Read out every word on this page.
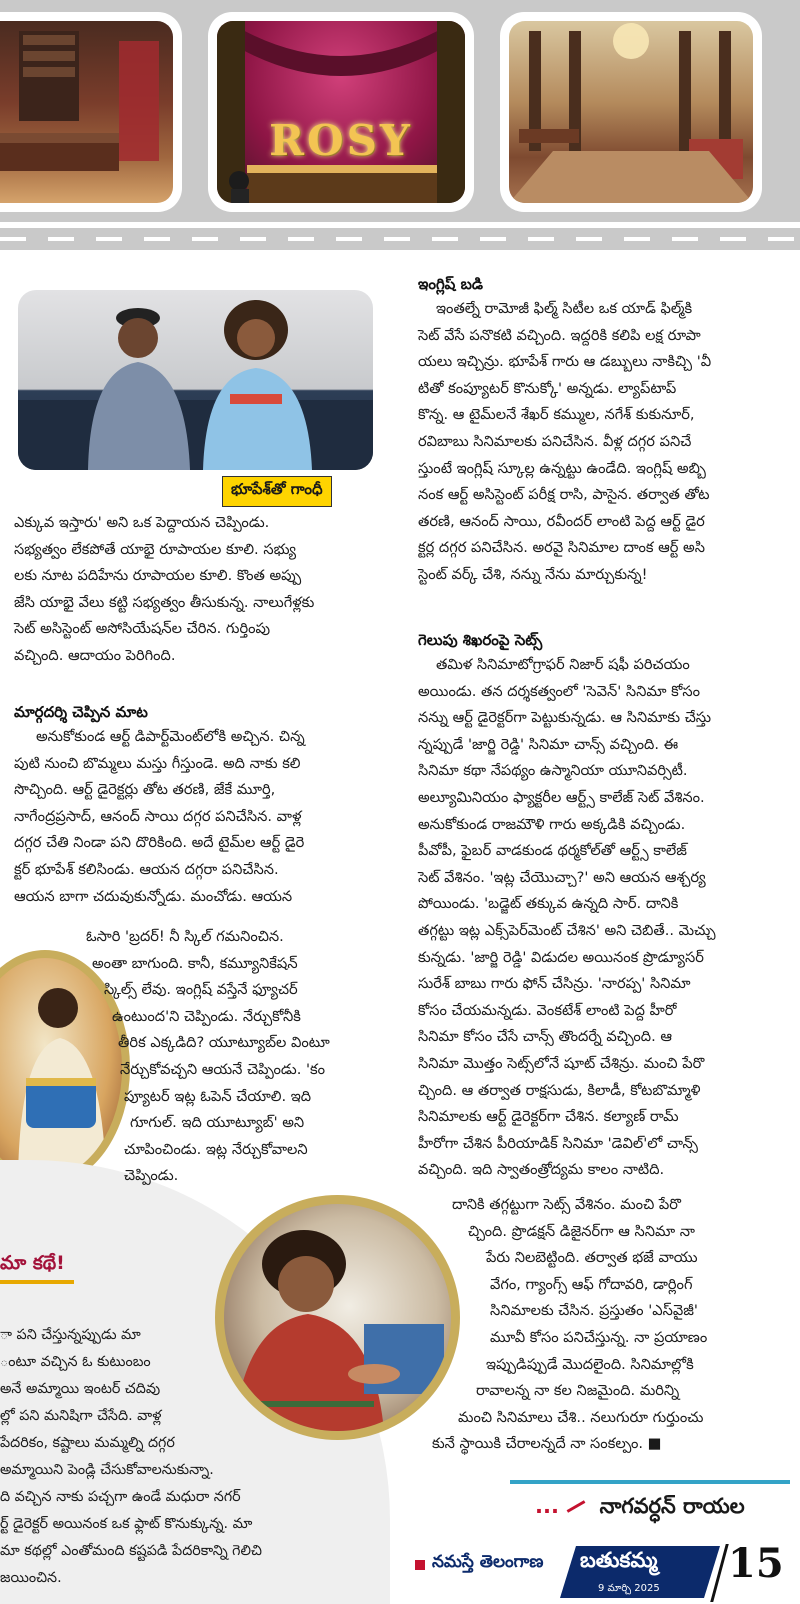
ROSY
భూపేశ్‌తో గాంధీ

ఎక్కువ ఇస్తారు' అని ఒక పెద్దాయన చెప్పిండు.

సభ్యత్వం లేకపోతే యాభై రూపాయల కూలి. సభ్యు

లకు నూట పదిహేను రూపాయల కూలి. కొంత అప్పు

జేసి యాభై వేలు కట్టి సభ్యత్వం తీసుకున్న. నాలుగేళ్లకు

సెట్ అసిస్టెంట్ అసోసియేషన్‌ల చేరిన. గుర్తింపు

వచ్చింది. ఆదాయం పెరిగింది.

మార్గదర్శి చెప్పిన మాట

అనుకోకుండ ఆర్ట్ డిపార్ట్‌మెంట్‌లోకి అచ్చిన. చిన్న

పుటి నుంచి బొమ్మలు మస్తు గీస్తుండె. అది నాకు కలి

సొచ్చింది. ఆర్ట్ డైరెక్టర్లు తోట తరణి, జేకే మూర్తి,

నాగేంద్రప్రసాద్, ఆనంద్ సాయి దగ్గర పనిచేసిన. వాళ్ల

దగ్గర చేతి నిండా పని దొరికింది. అదే టైమ్‌ల ఆర్ట్ డైరె

క్టర్ భూపేశ్ కలిసిండు. ఆయన దగ్గరా పనిచేసిన.

ఆయన బాగా చదువుకున్నోడు. మంచోడు. ఆయన

ఓసారి 'బ్రదర్! నీ స్కిల్ గమనించిన.

అంతా బాగుంది. కానీ, కమ్యూనికేషన్

స్కిల్స్ లేవు. ఇంగ్లిష్ వస్తేనే ఫ్యూచర్

ఉంటుంద'ని చెప్పిండు. నేర్చుకోనీకి

తీరిక ఎక్కడిది? యూట్యూబ్‌ల వింటూ

నేర్చుకోవచ్చని ఆయనే చెప్పిండు. 'కం

ప్యూటర్ ఇట్ల ఓపెన్ చేయాలి. ఇది

గూగుల్. ఇది యూట్యూబ్' అని

చూపించిండు. ఇట్ల నేర్చుకోవాలని

చెప్పిండు.

మా కథే!

ా పని చేస్తున్నప్పుడు మా

ంటూ వచ్చిన ఓ కుటుంబం

అనే అమ్మాయి ఇంటర్ చదివు

ల్లో పని మనిషిగా చేసేది. వాళ్ల

పేదరికం, కష్టాలు మమ్మల్ని దగ్గర

అమ్మాయిని పెండ్లి చేసుకోవాలనుకున్నా.

ది వచ్చిన నాకు పచ్చగా ఉండే మధురా నగర్

ర్ట్ డైరెక్టర్ అయినంక ఒక ఫ్లాట్ కొనుక్కున్న. మా

మా కథల్లో ఎంతోమంది కష్టపడి పేదరికాన్ని గెలిచి

జయించిన.

ఇంగ్లిష్ బడి

ఇంతల్నే రామోజీ ఫిల్మ్ సిటీల ఒక యాడ్ ఫిల్మ్‌కి

సెట్ వేసే పనొకటి వచ్చింది. ఇద్దరికి కలిపి లక్ష రూపా

యలు ఇచ్చిన్రు. భూపేశ్ గారు ఆ డబ్బులు నాకిచ్చి 'వీ

టితో కంప్యూటర్ కొనుక్కో' అన్నడు. ల్యాప్‌టాప్

కొన్న. ఆ టైమ్‌లనే శేఖర్ కమ్ముల, నగేశ్ కుకునూర్,

రవిబాబు సినిమాలకు పనిచేసిన. వీళ్ల దగ్గర పనిచే

స్తుంటే ఇంగ్లిష్ స్కూల్ల ఉన్నట్టు ఉండేది. ఇంగ్లిష్ అబ్బి

నంక ఆర్ట్ అసిస్టెంట్ పరీక్ష రాసి, పాసైన. తర్వాత తోట

తరణి, ఆనంద్ సాయి, రవీందర్ లాంటి పెద్ద ఆర్ట్ డైర

క్టర్ల దగ్గర పనిచేసిన. అరవై సినిమాల దాంక ఆర్ట్ అసి

స్టెంట్ వర్క్ చేశి, నన్ను నేను మార్చుకున్న!

గెలుపు శిఖరంపై సెట్స్

తమిళ సినిమాటోగ్రాఫర్ నిజార్ షఫీ పరిచయం

అయిండు. తన దర్శకత్వంలో 'సెవెన్' సినిమా కోసం

నన్ను ఆర్ట్ డైరెక్టర్‌గా పెట్టుకున్నడు. ఆ సినిమాకు చేస్తు

న్నప్పుడే 'జార్జి రెడ్డి' సినిమా చాన్స్ వచ్చింది. ఈ

సినిమా కథా నేపథ్యం ఉస్మానియా యూనివర్సిటీ.

అల్యూమినియం ఫ్యాక్టరీల ఆర్ట్స్ కాలేజ్ సెట్ వేశినం.

అనుకోకుండ రాజమౌళి గారు అక్కడికి వచ్చిండు.

పీవోపీ, ఫైబర్ వాడకుండ థర్మకోల్‌తో ఆర్ట్స్ కాలేజ్

సెట్ వేశినం. 'ఇట్ల చేయొచ్చా?' అని ఆయన ఆశ్చర్య

పోయిండు. 'బడ్జెట్ తక్కువ ఉన్నది సార్. దానికి

తగ్గట్టు ఇట్ల ఎక్స్‌పెర్‌మెంట్ చేశిన' అని చెబితే.. మెచ్చు

కున్నడు. 'జార్జి రెడ్డి' విడుదల అయినంక ప్రొడ్యూసర్

సురేశ్ బాబు గారు ఫోన్ చేసిన్రు. 'నారప్ప' సినిమా

కోసం చేయమన్నడు. వెంకటేశ్ లాంటి పెద్ద హీరో

సినిమా కోసం చేసే చాన్స్ తొందర్నే వచ్చింది. ఆ

సినిమా మొత్తం సెట్స్‌లోనే షూట్ చేశిన్రు. మంచి పేరొ

చ్చింది. ఆ తర్వాత రాక్షసుడు, కిలాడీ, కోటబొమ్మాళి

సినిమాలకు ఆర్ట్ డైరెక్టర్‌గా చేశిన. కల్యాణ్ రామ్

హీరోగా చేశిన పీరియాడిక్ సినిమా 'డెవిల్'లో చాన్స్

వచ్చింది. ఇది స్వాతంత్రోద్యమ కాలం నాటిది.

దానికి తగ్గట్టుగా సెట్స్ వేశినం. మంచి పేరొ

చ్చింది. ప్రొడక్షన్ డిజైనర్‌గా ఆ సినిమా నా

పేరు నిలబెట్టింది. తర్వాత భజే వాయు

వేగం, గ్యాంగ్స్ ఆఫ్ గోదావరి, డార్లింగ్

సినిమాలకు చేసిన. ప్రస్తుతం 'ఎస్‌వైజీ'

మూవీ కోసం పనిచేస్తున్న. నా ప్రయాణం

ఇప్పుడిప్పుడే మొదలైంది. సినిమాల్లోకి

రావాలన్న నా కల నిజమైంది. మరిన్ని

మంచి సినిమాలు చేశి.. నలుగురూ గుర్తుంచు

కునే స్థాయికి చేరాలన్నదే నా సంకల్పం. ■

... నాగవర్ధన్ రాయల
నమస్తే తెలంగాణ బతుకమ్మ
9 మార్చి 2025
15
